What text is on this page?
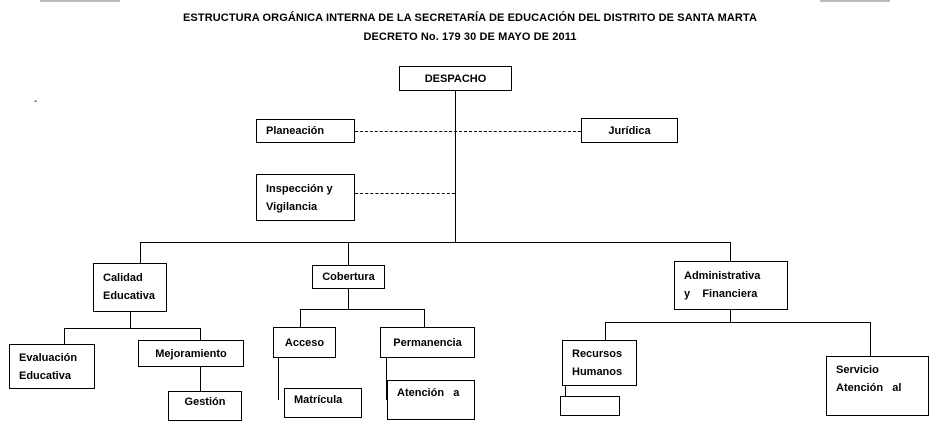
ESTRUCTURA ORGÁNICA INTERNA DE LA SECRETARÍA DE EDUCACIÓN DEL DISTRITO DE SANTA MARTA
DECRETO No. 179 30 DE MAYO DE 2011
-
DESPACHO
Planeación	Jurídica
Inspección y
Vigilancia
Calidad
Educativa
Cobertura	Administrativa
y    Financiera
Evaluación
Educativa
Mejoramiento
Gestión
Acceso	Permanencia
Matrícula
Atención   a
Recursos
Humanos	Servicio
Atención   al
